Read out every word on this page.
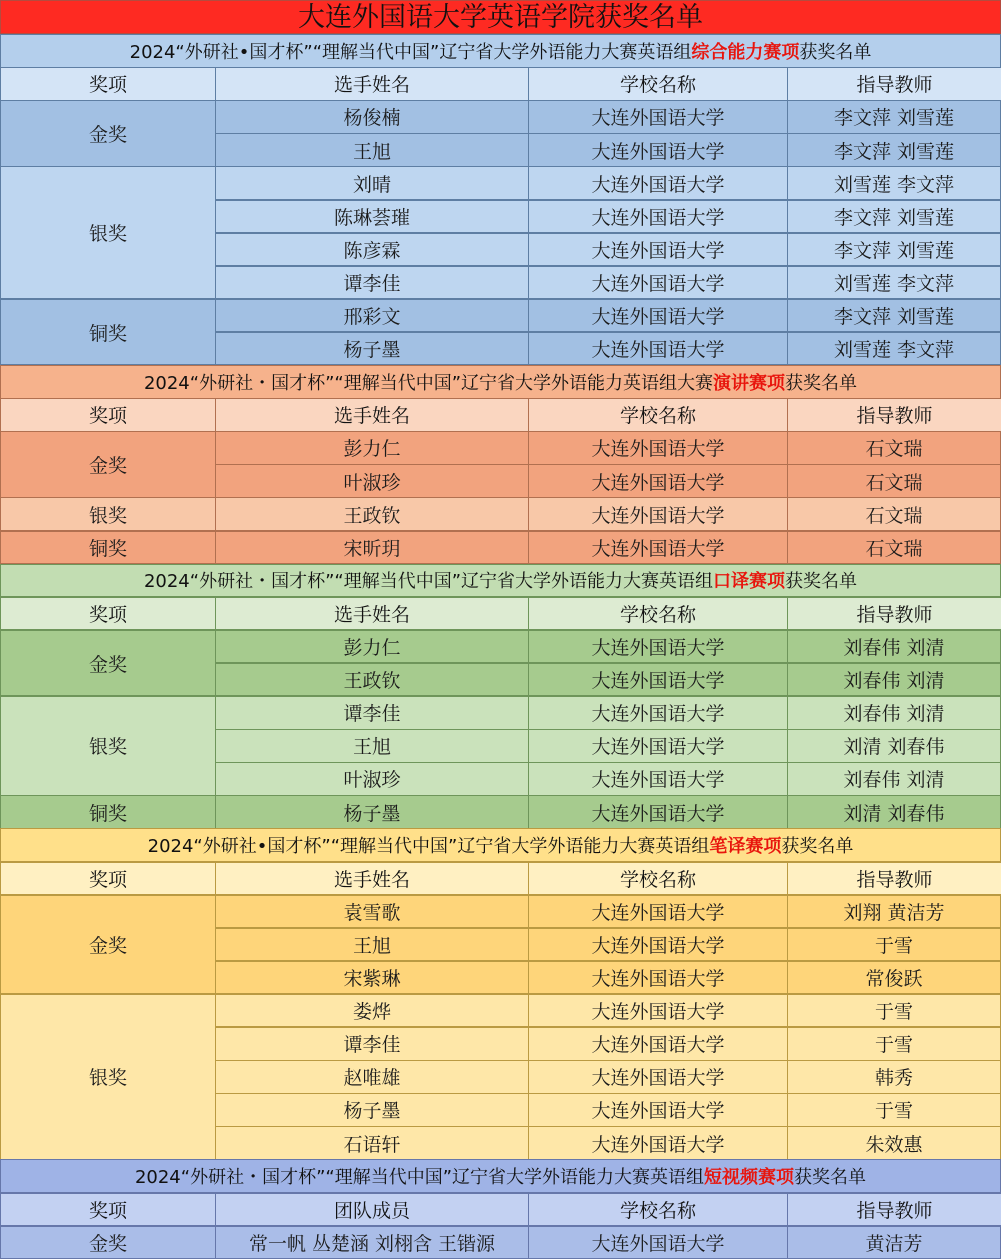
大连外国语大学英语学院获奖名单
2024“外研社•国才杯”“理解当代中国”辽宁省大学外语能力大赛英语组 综合能力赛项 获奖名单
奖项	选手姓名	学校名称	指导教师
金奖
杨俊楠	大连外国语大学	李文萍 刘雪莲
王旭	大连外国语大学	李文萍 刘雪莲
银奖
刘晴	大连外国语大学	刘雪莲 李文萍
陈琳荟璀	大连外国语大学	李文萍 刘雪莲
陈彦霖	大连外国语大学	李文萍 刘雪莲
谭李佳	大连外国语大学	刘雪莲 李文萍
铜奖
邢彩文	大连外国语大学	李文萍 刘雪莲
杨子墨	大连外国语大学	刘雪莲 李文萍
2024“外研社・国才杯”“理解当代中国”辽宁省大学外语能力英语组大赛 演讲赛项 获奖名单
奖项	选手姓名	学校名称	指导教师
金奖
彭力仁	大连外国语大学	石文瑞
叶淑珍	大连外国语大学	石文瑞
银奖	王政钦	大连外国语大学	石文瑞
铜奖	宋昕玥	大连外国语大学	石文瑞
2024“外研社・国才杯”“理解当代中国”辽宁省大学外语能力大赛英语组 口译赛项 获奖名单
奖项	选手姓名	学校名称	指导教师
金奖
彭力仁	大连外国语大学	刘春伟 刘清
王政钦	大连外国语大学	刘春伟 刘清
银奖
谭李佳	大连外国语大学	刘春伟 刘清
王旭	大连外国语大学	刘清 刘春伟
叶淑珍	大连外国语大学	刘春伟 刘清
铜奖	杨子墨	大连外国语大学	刘清 刘春伟
2024“外研社•国才杯”“理解当代中国”辽宁省大学外语能力大赛英语组 笔译赛项 获奖名单
奖项	选手姓名	学校名称	指导教师
金奖
袁雪歌	大连外国语大学	刘翔 黄洁芳
王旭	大连外国语大学	于雪
宋紫琳	大连外国语大学	常俊跃
银奖
娄烨	大连外国语大学	于雪
谭李佳	大连外国语大学	于雪
赵唯雄	大连外国语大学	韩秀
杨子墨	大连外国语大学	于雪
石语轩	大连外国语大学	朱效惠
2024“外研社・国才杯”“理解当代中国”辽宁省大学外语能力大赛英语组 短视频赛项 获奖名单
奖项	团队成员	学校名称	指导教师
金奖	常一帆 丛楚涵 刘栩含 王锴源	大连外国语大学	黄洁芳
